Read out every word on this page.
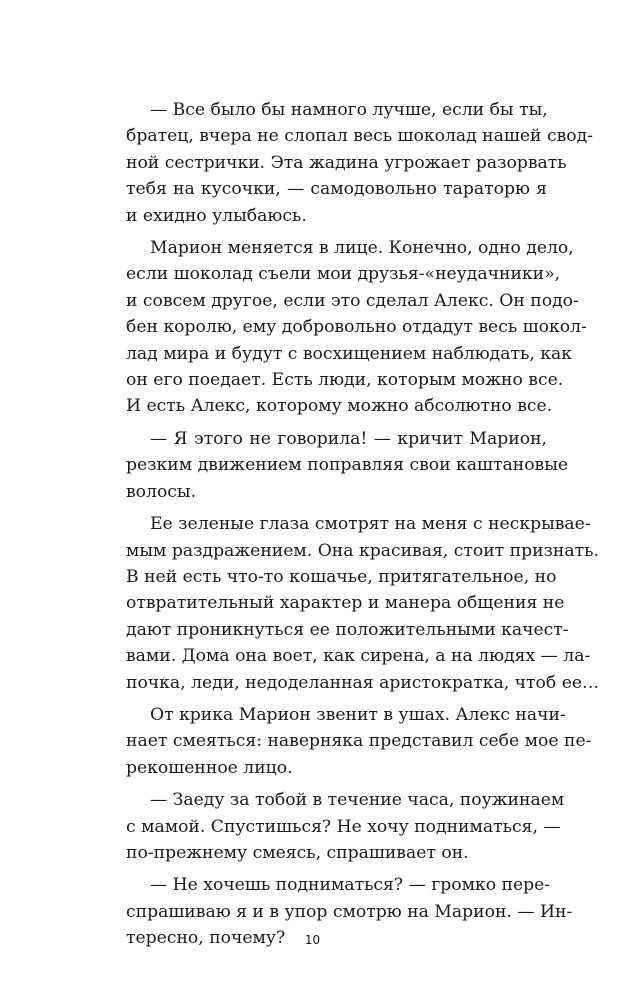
— Все было бы намного лучше, если бы ты,
братец, вчера не слопал весь шоколад нашей свод-
ной сестрички. Эта жадина угрожает разорвать
тебя на кусочки, — самодовольно тараторю я
и ехидно улыбаюсь.
Марион меняется в лице. Конечно, одно дело,
если шоколад съели мои друзья-«неудачники»,
и совсем другое, если это сделал Алекс. Он подо-
бен королю, ему добровольно отдадут весь шокол-
лад мира и будут с восхищением наблюдать, как
он его поедает. Есть люди, которым можно все.
И есть Алекс, которому можно абсолютно все.
— Я этого не говорила! — кричит Марион,
резким движением поправляя свои каштановые
волосы.
Ее зеленые глаза смотрят на меня с нескрывае-
мым раздражением. Она красивая, стоит признать.
В ней есть что-то кошачье, притягательное, но
отвратительный характер и манера общения не
дают проникнуться ее положительными качест-
вами. Дома она воет, как сирена, а на людях — ла-
почка, леди, недоделанная аристократка, чтоб ее…
От крика Марион звенит в ушах. Алекс начи-
нает смеяться: наверняка представил себе мое пе-
рекошенное лицо.
— Заеду за тобой в течение часа, поужинаем
с мамой. Спустишься? Не хочу подниматься, —
по-прежнему смеясь, спрашивает он.
— Не хочешь подниматься? — громко пере-
спрашиваю я и в упор смотрю на Марион. — Ин-
тересно, почему?	10
